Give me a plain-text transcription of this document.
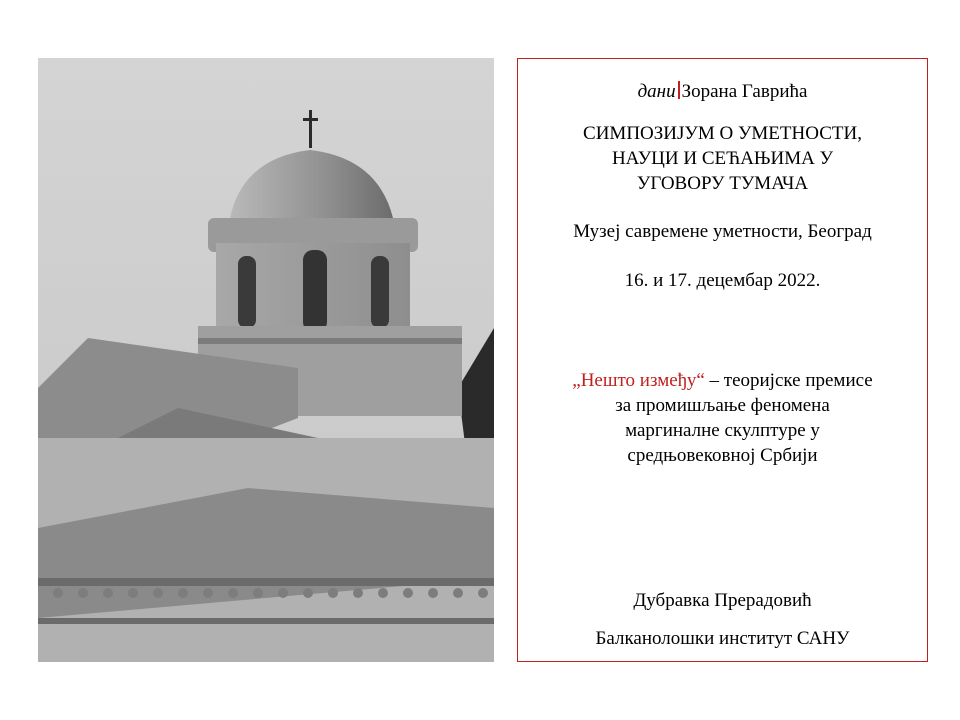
дани Зорана Гаврића
СИМПОЗИЈУМ О УМЕТНОСТИ,
НАУЦИ И СЕЋАЊИМА У
УГОВОРУ ТУМАЧА
Музеј савремене уметности, Београд
16. и 17. децембар 2022.
„Нешто између“ – теоријске премисе
за промишљање феномена
маргиналне скулптуре у
средњовековној Србији
Дубравка Прерадовић
Балканолошки институт САНУ
